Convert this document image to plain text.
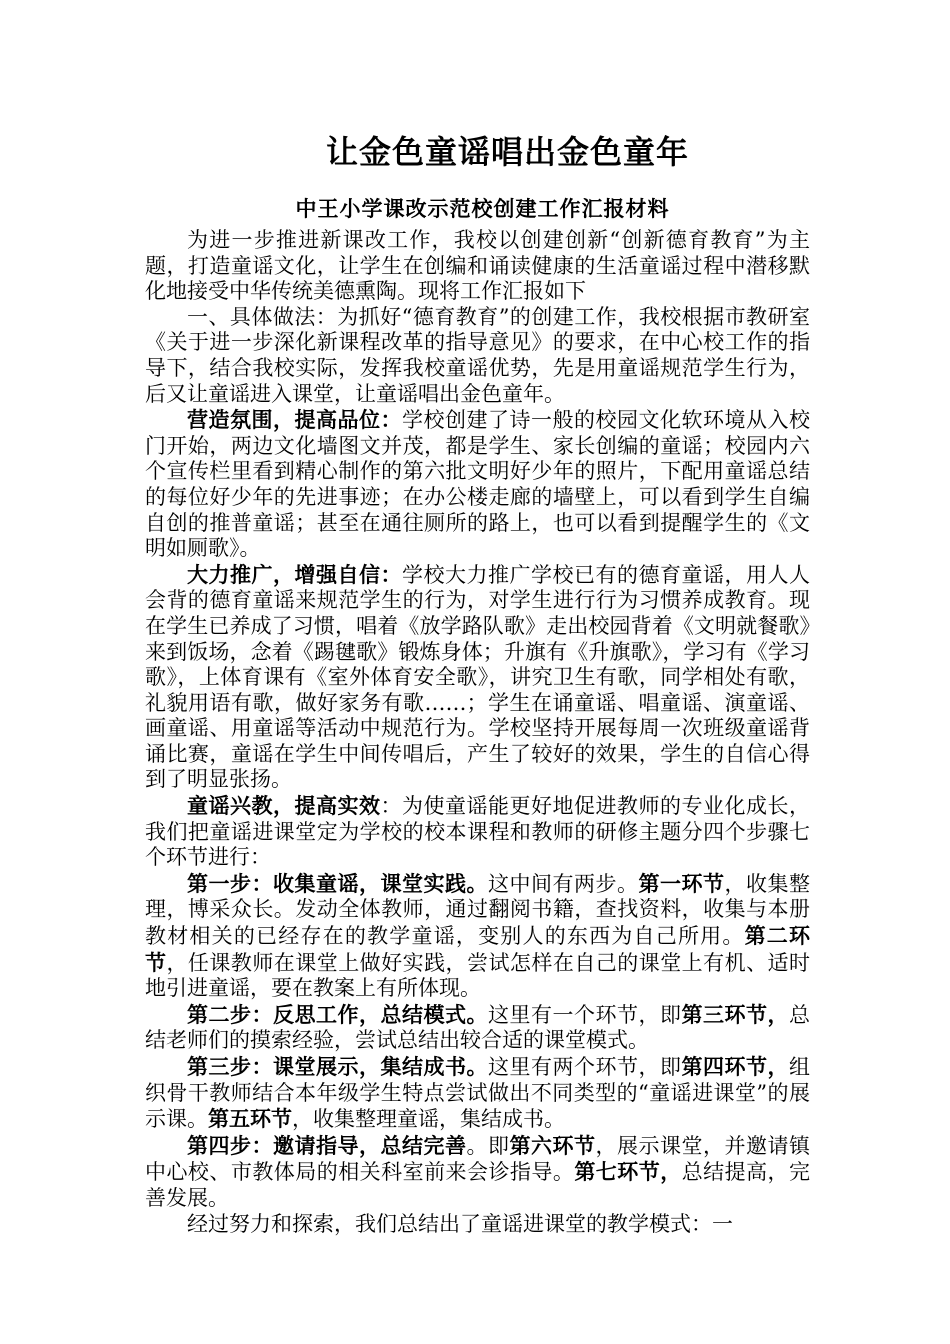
让金色童谣唱出金色童年
中王小学课改示范校创建工作汇报材料

为进一步推进新课改工作，我校以创建创新“创新德育教育”为主题，打造童谣文化，让学生在创编和诵读健康的生活童谣过程中潜移默化地接受中华传统美德熏陶。现将工作汇报如下

一、具体做法：为抓好“德育教育”的创建工作，我校根据市教研室《关于进一步深化新课程改革的指导意见》的要求，在中心校工作的指导下，结合我校实际，发挥我校童谣优势，先是用童谣规范学生行为，后又让童谣进入课堂，让童谣唱出金色童年。

营造氛围，提高品位：学校创建了诗一般的校园文化软环境从入校门开始，两边文化墙图文并茂，都是学生、家长创编的童谣；校园内六个宣传栏里看到精心制作的第六批文明好少年的照片，下配用童谣总结的每位好少年的先进事迹；在办公楼走廊的墙壁上，可以看到学生自编自创的推普童谣；甚至在通往厕所的路上，也可以看到提醒学生的《文明如厕歌》。

大力推广，增强自信：学校大力推广学校已有的德育童谣，用人人会背的德育童谣来规范学生的行为，对学生进行行为习惯养成教育。现在学生已养成了习惯，唱着《放学路队歌》走出校园背着《文明就餐歌》来到饭场，念着《踢毽歌》锻炼身体；升旗有《升旗歌》，学习有《学习歌》，上体育课有《室外体育安全歌》，讲究卫生有歌，同学相处有歌，礼貌用语有歌，做好家务有歌……；学生在诵童谣、唱童谣、演童谣、画童谣、用童谣等活动中规范行为。学校坚持开展每周一次班级童谣背诵比赛，童谣在学生中间传唱后，产生了较好的效果，学生的自信心得到了明显张扬。

童谣兴教，提高实效：为使童谣能更好地促进教师的专业化成长，我们把童谣进课堂定为学校的校本课程和教师的研修主题分四个步骤七个环节进行：

第一步：收集童谣，课堂实践。这中间有两步。第一环节，收集整理，博采众长。发动全体教师，通过翻阅书籍，查找资料，收集与本册教材相关的已经存在的教学童谣，变别人的东西为自己所用。第二环节，任课教师在课堂上做好实践，尝试怎样在自己的课堂上有机、适时地引进童谣，要在教案上有所体现。

第二步：反思工作，总结模式。这里有一个环节，即第三环节，总结老师们的摸索经验，尝试总结出较合适的课堂模式。

第三步：课堂展示，集结成书。这里有两个环节，即第四环节，组织骨干教师结合本年级学生特点尝试做出不同类型的“童谣进课堂”的展示课。第五环节，收集整理童谣，集结成书。

第四步：邀请指导，总结完善。即第六环节，展示课堂，并邀请镇中心校、市教体局的相关科室前来会诊指导。第七环节，总结提高，完善发展。

经过努力和探索，我们总结出了童谣进课堂的教学模式：一
